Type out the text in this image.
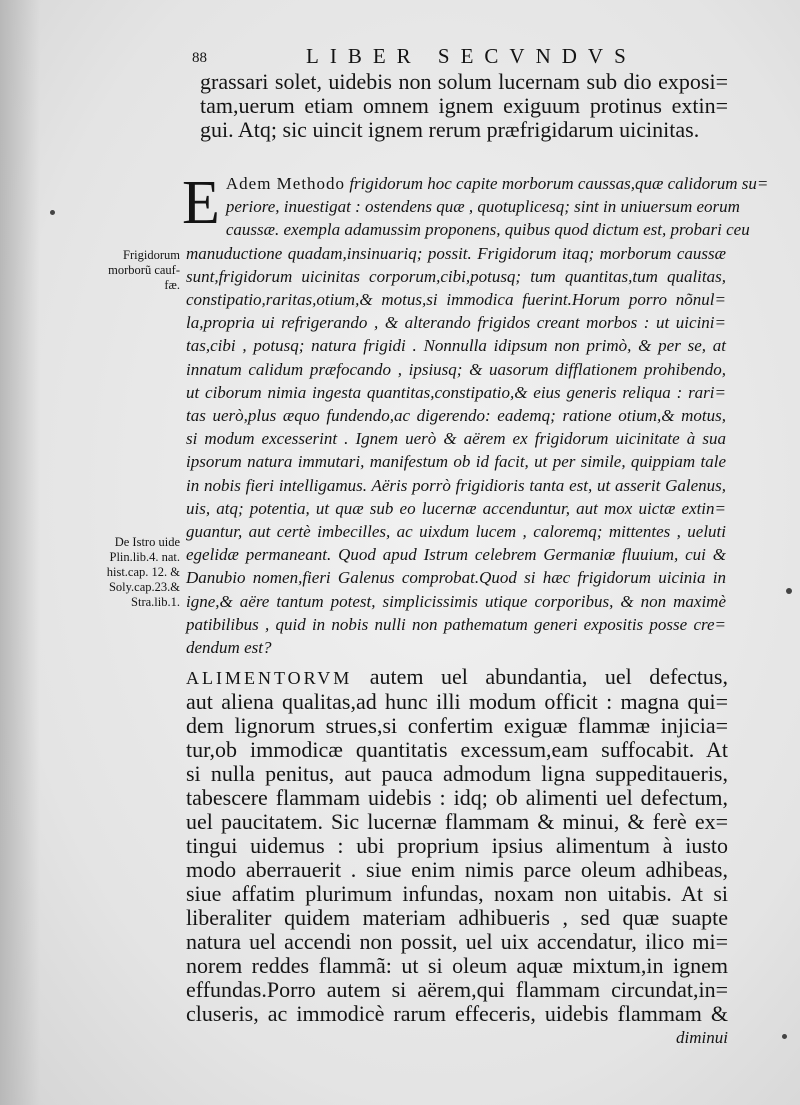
88	LIBER SECVNDVS
grassari solet, uidebis non solum lucernam sub dio exposi=
tam,uerum etiam omnem ignem exiguum protinus extin=
gui. Atq; sic uincit ignem rerum præfrigidarum uicinitas.
E Adem Methodo frigidorum hoc capite morborum caussas,quæ calidorum su=
periore, inuestigat : ostendens quæ , quotuplicesq; sint in uniuersum eorum
caussæ. exempla adamussim proponens, quibus quod dictum est, probari ceu
manuductione quadam,insinuariq; possit. Frigidorum itaq; morborum caussæ
sunt,frigidorum uicinitas corporum,cibi,potusq; tum quantitas,tum qualitas,
constipatio,raritas,otium,& motus,si immodica fuerint.Horum porro nõnul=
la,propria ui refrigerando , & alterando frigidos creant morbos : ut uicini=
tas,cibi , potusq; natura frigidi . Nonnulla idipsum non primò, & per se, at
innatum calidum præfocando , ipsiusq; & uasorum difflationem prohibendo,
ut ciborum nimia ingesta quantitas,constipatio,& eius generis reliqua : rari=
tas uerò,plus æquo fundendo,ac digerendo: eademq; ratione otium,& motus,
si modum excesserint . Ignem uerò & aërem ex frigidorum uicinitate à sua
ipsorum natura immutari, manifestum ob id facit, ut per simile, quippiam tale
in nobis fieri intelligamus. Aëris porrò frigidioris tanta est, ut asserit Galenus,
uis, atq; potentia, ut quæ sub eo lucernæ accenduntur, aut mox uictæ extin=
guantur, aut certè imbecilles, ac uixdum lucem , caloremq; mittentes , ueluti
egelidæ permaneant. Quod apud Istrum celebrem Germaniæ fluuium, cui &
Danubio nomen,fieri Galenus comprobat.Quod si hæc frigidorum uicinia in
igne,& aëre tantum potest, simplicissimis utique corporibus, & non maximè
patibilibus , quid in nobis nulli non pathematum generi expositis posse cre=
dendum est?
Frigidorum
morborũ cauf-
fæ.
De Istro uide
Plin.lib.4. nat.
hist.cap. 12. &
Soly.cap.23.&
Stra.lib.1.
ALIMENTORVM autem uel abundantia, uel defectus,
aut aliena qualitas,ad hunc illi modum officit : magna qui=
dem lignorum strues,si confertim exiguæ flammæ injicia=
tur,ob immodicæ quantitatis excessum,eam suffocabit. At
si nulla penitus, aut pauca admodum ligna suppeditaueris,
tabescere flammam uidebis : idq; ob alimenti uel defectum,
uel paucitatem. Sic lucernæ flammam & minui, & ferè ex=
tingui uidemus : ubi proprium ipsius alimentum à iusto
modo aberrauerit . siue enim nimis parce oleum adhibeas,
siue affatim plurimum infundas, noxam non uitabis. At si
liberaliter quidem materiam adhibueris , sed quæ suapte
natura uel accendi non possit, uel uix accendatur, ilico mi=
norem reddes flammã: ut si oleum aquæ mixtum,in ignem
effundas.Porro autem si aërem,qui flammam circundat,in=
cluseris, ac immodicè rarum effeceris, uidebis flammam &
diminui
